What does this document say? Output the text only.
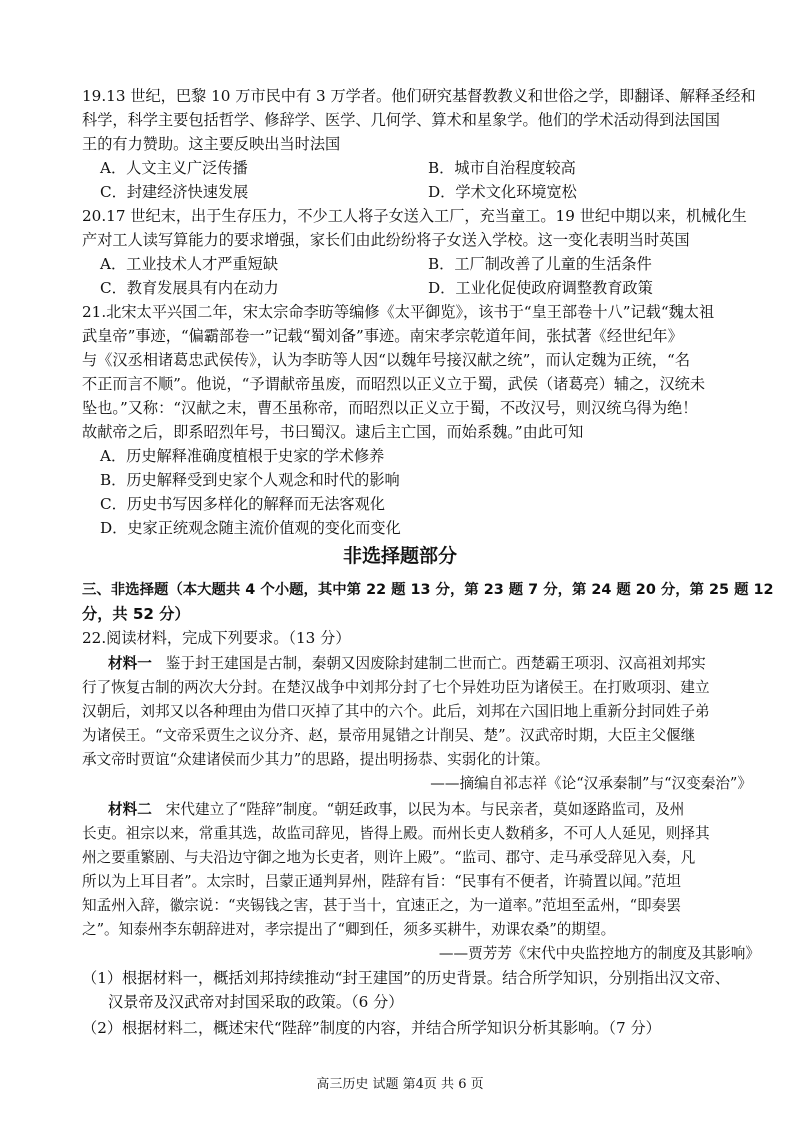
19.13 世纪，巴黎 10 万市民中有 3 万学者。他们研究基督教教义和世俗之学，即翻译、解释圣经和
科学，科学主要包括哲学、修辞学、医学、几何学、算术和星象学。他们的学术活动得到法国国
王的有力赞助。这主要反映出当时法国
A．人文主义广泛传播	B．城市自治程度较高
C．封建经济快速发展	D．学术文化环境宽松
20.17 世纪末，出于生存压力，不少工人将子女送入工厂，充当童工。19 世纪中期以来，机械化生
产对工人读写算能力的要求增强，家长们由此纷纷将子女送入学校。这一变化表明当时英国
A．工业技术人才严重短缺	B．工厂制改善了儿童的生活条件
C．教育发展具有内在动力	D．工业化促使政府调整教育政策
21.北宋太平兴国二年，宋太宗命李昉等编修《太平御览》，该书于“皇王部卷十八”记载“魏太祖
武皇帝”事迹，“偏霸部卷一”记载“蜀刘备”事迹。南宋孝宗乾道年间，张拭著《经世纪年》
与《汉丞相诸葛忠武侯传》，认为李昉等人因“以魏年号接汉献之统”，而认定魏为正统，“名
不正而言不顺”。他说，“予谓献帝虽废，而昭烈以正义立于蜀，武侯（诸葛亮）辅之，汉统未
坠也。”又称：“汉献之末，曹丕虽称帝，而昭烈以正义立于蜀，不改汉号，则汉统乌得为绝！
故献帝之后，即系昭烈年号，书曰蜀汉。逮后主亡国，而始系魏。”由此可知
A．历史解释准确度植根于史家的学术修养
B．历史解释受到史家个人观念和时代的影响
C．历史书写因多样化的解释而无法客观化
D．史家正统观念随主流价值观的变化而变化
非选择题部分
三、非选择题（本大题共 4 个小题，其中第 22 题 13 分，第 23 题 7 分，第 24 题 20 分，第 25 题 12
分，共 52 分）
22.阅读材料，完成下列要求。（13 分）
材料一 鉴于封王建国是古制，秦朝又因废除封建制二世而亡。西楚霸王项羽、汉高祖刘邦实
行了恢复古制的两次大分封。在楚汉战争中刘邦分封了七个异姓功臣为诸侯王。在打败项羽、建立
汉朝后，刘邦又以各种理由为借口灭掉了其中的六个。此后，刘邦在六国旧地上重新分封同姓子弟
为诸侯王。“文帝采贾生之议分齐、赵，景帝用晁错之计削吴、楚”。汉武帝时期，大臣主父偃继
承文帝时贾谊“众建诸侯而少其力”的思路，提出明扬恭、实弱化的计策。
——摘编自祁志祥《论“汉承秦制”与“汉变秦治”》
材料二 宋代建立了“陛辞”制度。“朝廷政事，以民为本。与民亲者，莫如逐路监司，及州
长吏。祖宗以来，常重其选，故监司辞见，皆得上殿。而州长吏人数稍多，不可人人延见，则择其
州之要重繁剧、与夫沿边守御之地为长吏者，则许上殿”。“监司、郡守、走马承受辞见入奏，凡
所以为上耳目者”。太宗时，吕蒙正通判昇州，陛辞有旨：“民事有不便者，许骑置以闻。”范坦
知孟州入辞，徽宗说：“夹锡钱之害，甚于当十，宜速正之，为一道率。”范坦至孟州，“即奏罢
之”。知泰州李东朝辞进对，孝宗提出了“卿到任，须多买耕牛，劝课农桑”的期望。
——贾芳芳《宋代中央监控地方的制度及其影响》
（1）根据材料一，概括刘邦持续推动“封王建国”的历史背景。结合所学知识，分别指出汉文帝、
汉景帝及汉武帝对封国采取的政策。（6 分）
（2）根据材料二，概述宋代“陛辞”制度的内容，并结合所学知识分析其影响。（7 分）
高三历史 试题 第4页 共 6 页
